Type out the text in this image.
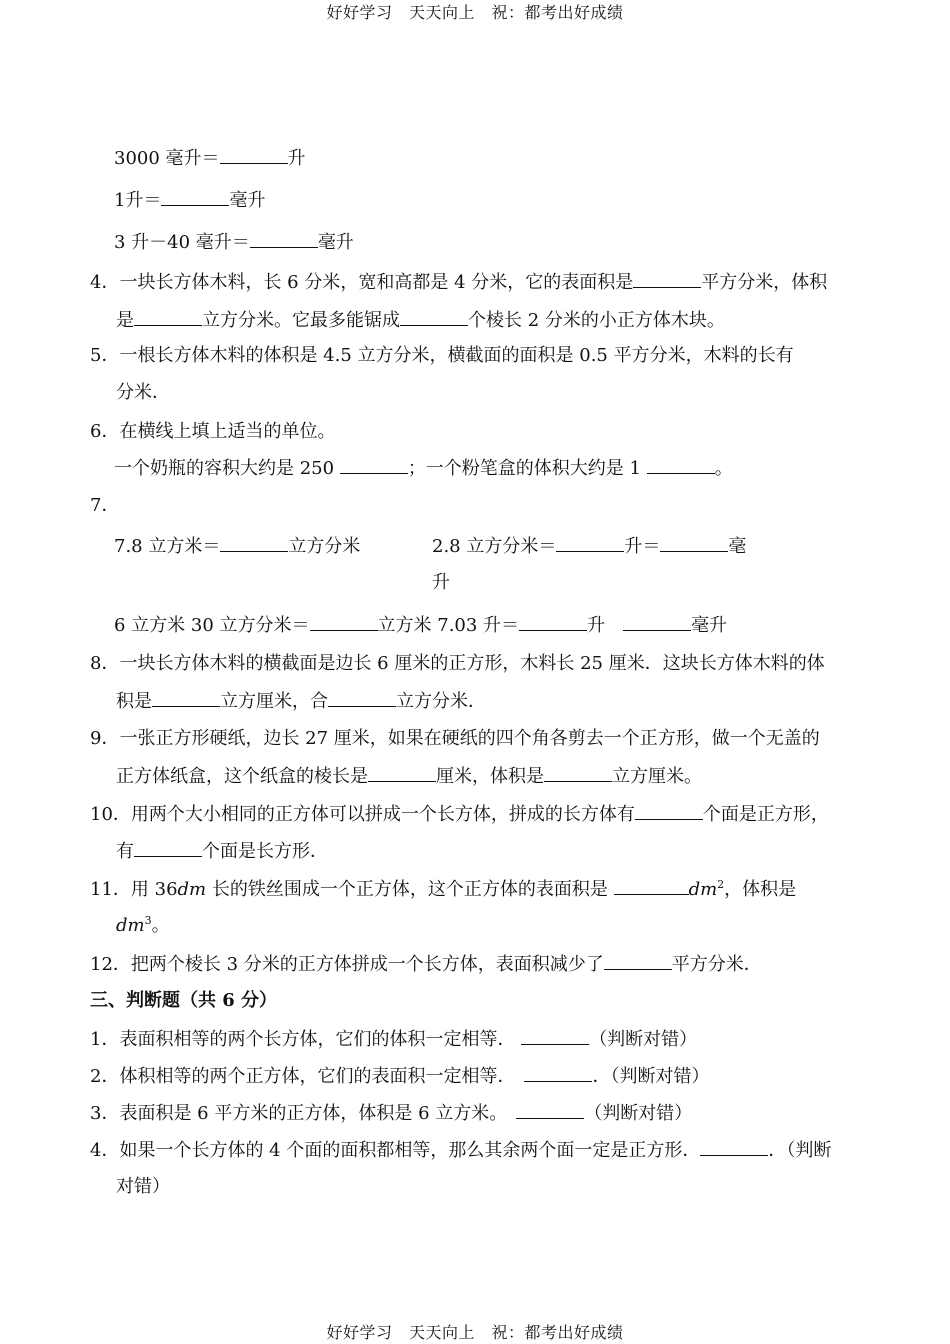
好好学习　天天向上　祝：都考出好成绩
3000 毫升＝	升
1升＝	毫升
3 升－40 毫升＝	毫升
4．一块长方体木料，长 6 分米，宽和高都是 4 分米，它的表面积是	平方分米，体积
是	立方分米。它最多能锯成	个棱长 2 分米的小正方体木块。
5．一根长方体木料的体积是 4.5 立方分米，横截面的面积是 0.5 平方分米，木料的长有
分米．
6．在横线上填上适当的单位。
一个奶瓶的容积大约是 250	；一个粉笔盒的体积大约是 1	。
7．
7.8 立方米＝	立方分米	2.8 立方分米＝	升＝	毫
升
6 立方米 30 立方分米＝	立方米 7.03 升＝	升　	毫升
8．一块长方体木料的横截面是边长 6 厘米的正方形，木料长 25 厘米．这块长方体木料的体
积是	立方厘米，合	立方分米．
9．一张正方形硬纸，边长 27 厘米，如果在硬纸的四个角各剪去一个正方形，做一个无盖的
正方体纸盒，这个纸盒的棱长是	厘米，体积是	立方厘米。
10．用两个大小相同的正方体可以拼成一个长方体，拼成的长方体有	个面是正方形，
有	个面是长方形．
11．用 36dm 长的铁丝围成一个正方体，这个正方体的表面积是	$dm^2$，体积是
$dm^3$。
12．把两个棱长 3 分米的正方体拼成一个长方体，表面积减少了	平方分米．
三、判断题（共 6 分）
1．表面积相等的两个长方体，它们的体积一定相等．	（判断对错）
2．体积相等的两个正方体，它们的表面积一定相等．　	．（判断对错）
3．表面积是 6 平方米的正方体，体积是 6 立方米。　	（判断对错）
4．如果一个长方体的 4 个面的面积都相等，那么其余两个面一定是正方形．	．（判断
对错）
好好学习　天天向上　祝：都考出好成绩
